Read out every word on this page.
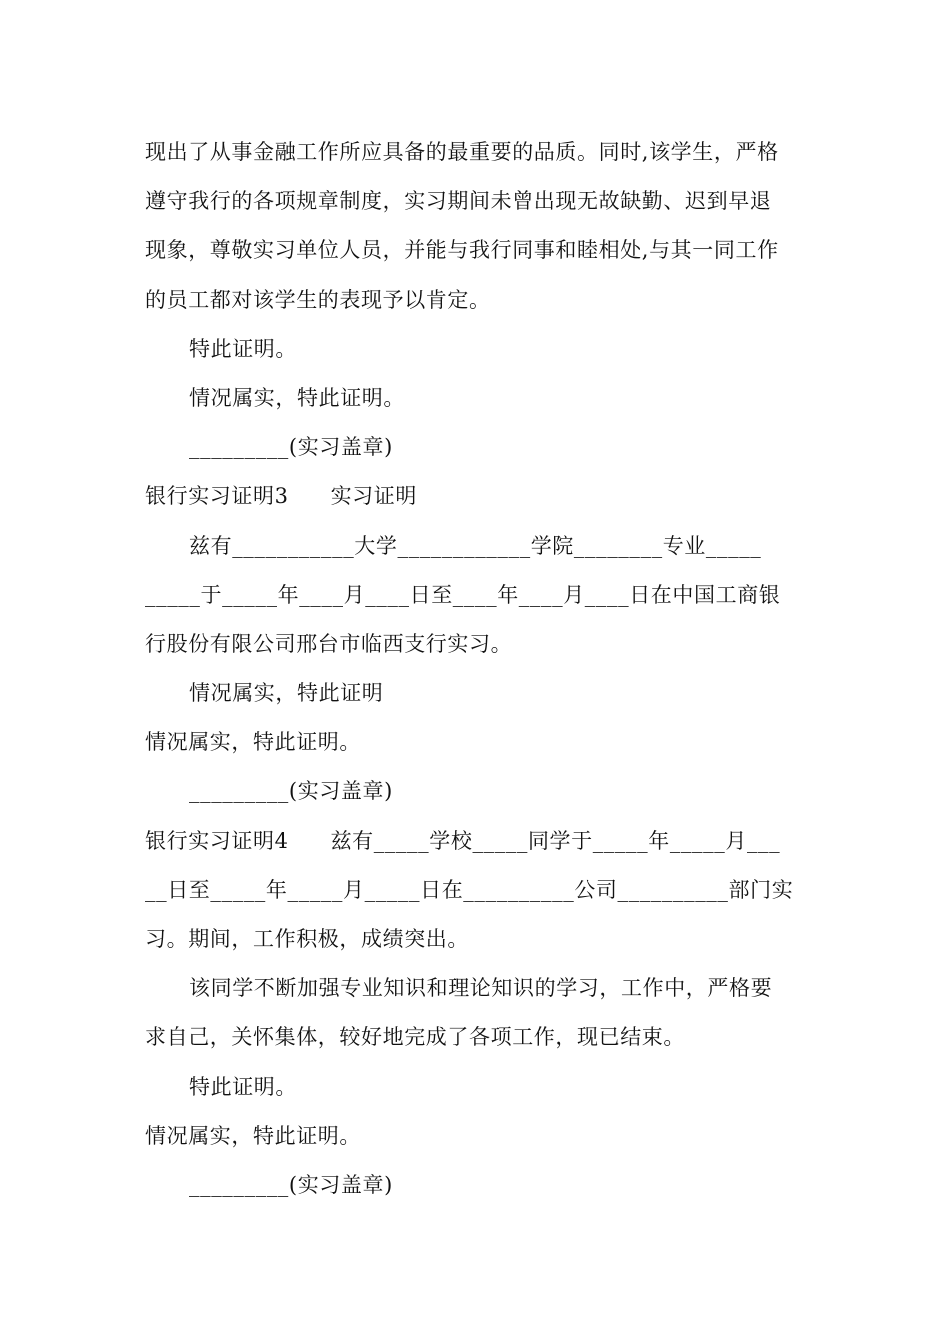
现出了从事金融工作所应具备的最重要的品质。同时,该学生，严格
遵守我行的各项规章制度，实习期间未曾出现无故缺勤、迟到早退
现象，尊敬实习单位人员，并能与我行同事和睦相处,与其一同工作
的员工都对该学生的表现予以肯定。
特此证明。
情况属实，特此证明。
_________(实习盖章)
银行实习证明3 实习证明
兹有___________大学____________学院________专业_____
_____于_____年____月____日至____年____月____日在中国工商银
行股份有限公司邢台市临西支行实习。
情况属实，特此证明
情况属实，特此证明。
_________(实习盖章)
银行实习证明4 兹有_____学校_____同学于_____年_____月___
__日至_____年_____月_____日在__________公司__________部门实
习。期间，工作积极，成绩突出。
该同学不断加强专业知识和理论知识的学习，工作中，严格要
求自己，关怀集体，较好地完成了各项工作，现已结束。
特此证明。
情况属实，特此证明。
_________(实习盖章)
